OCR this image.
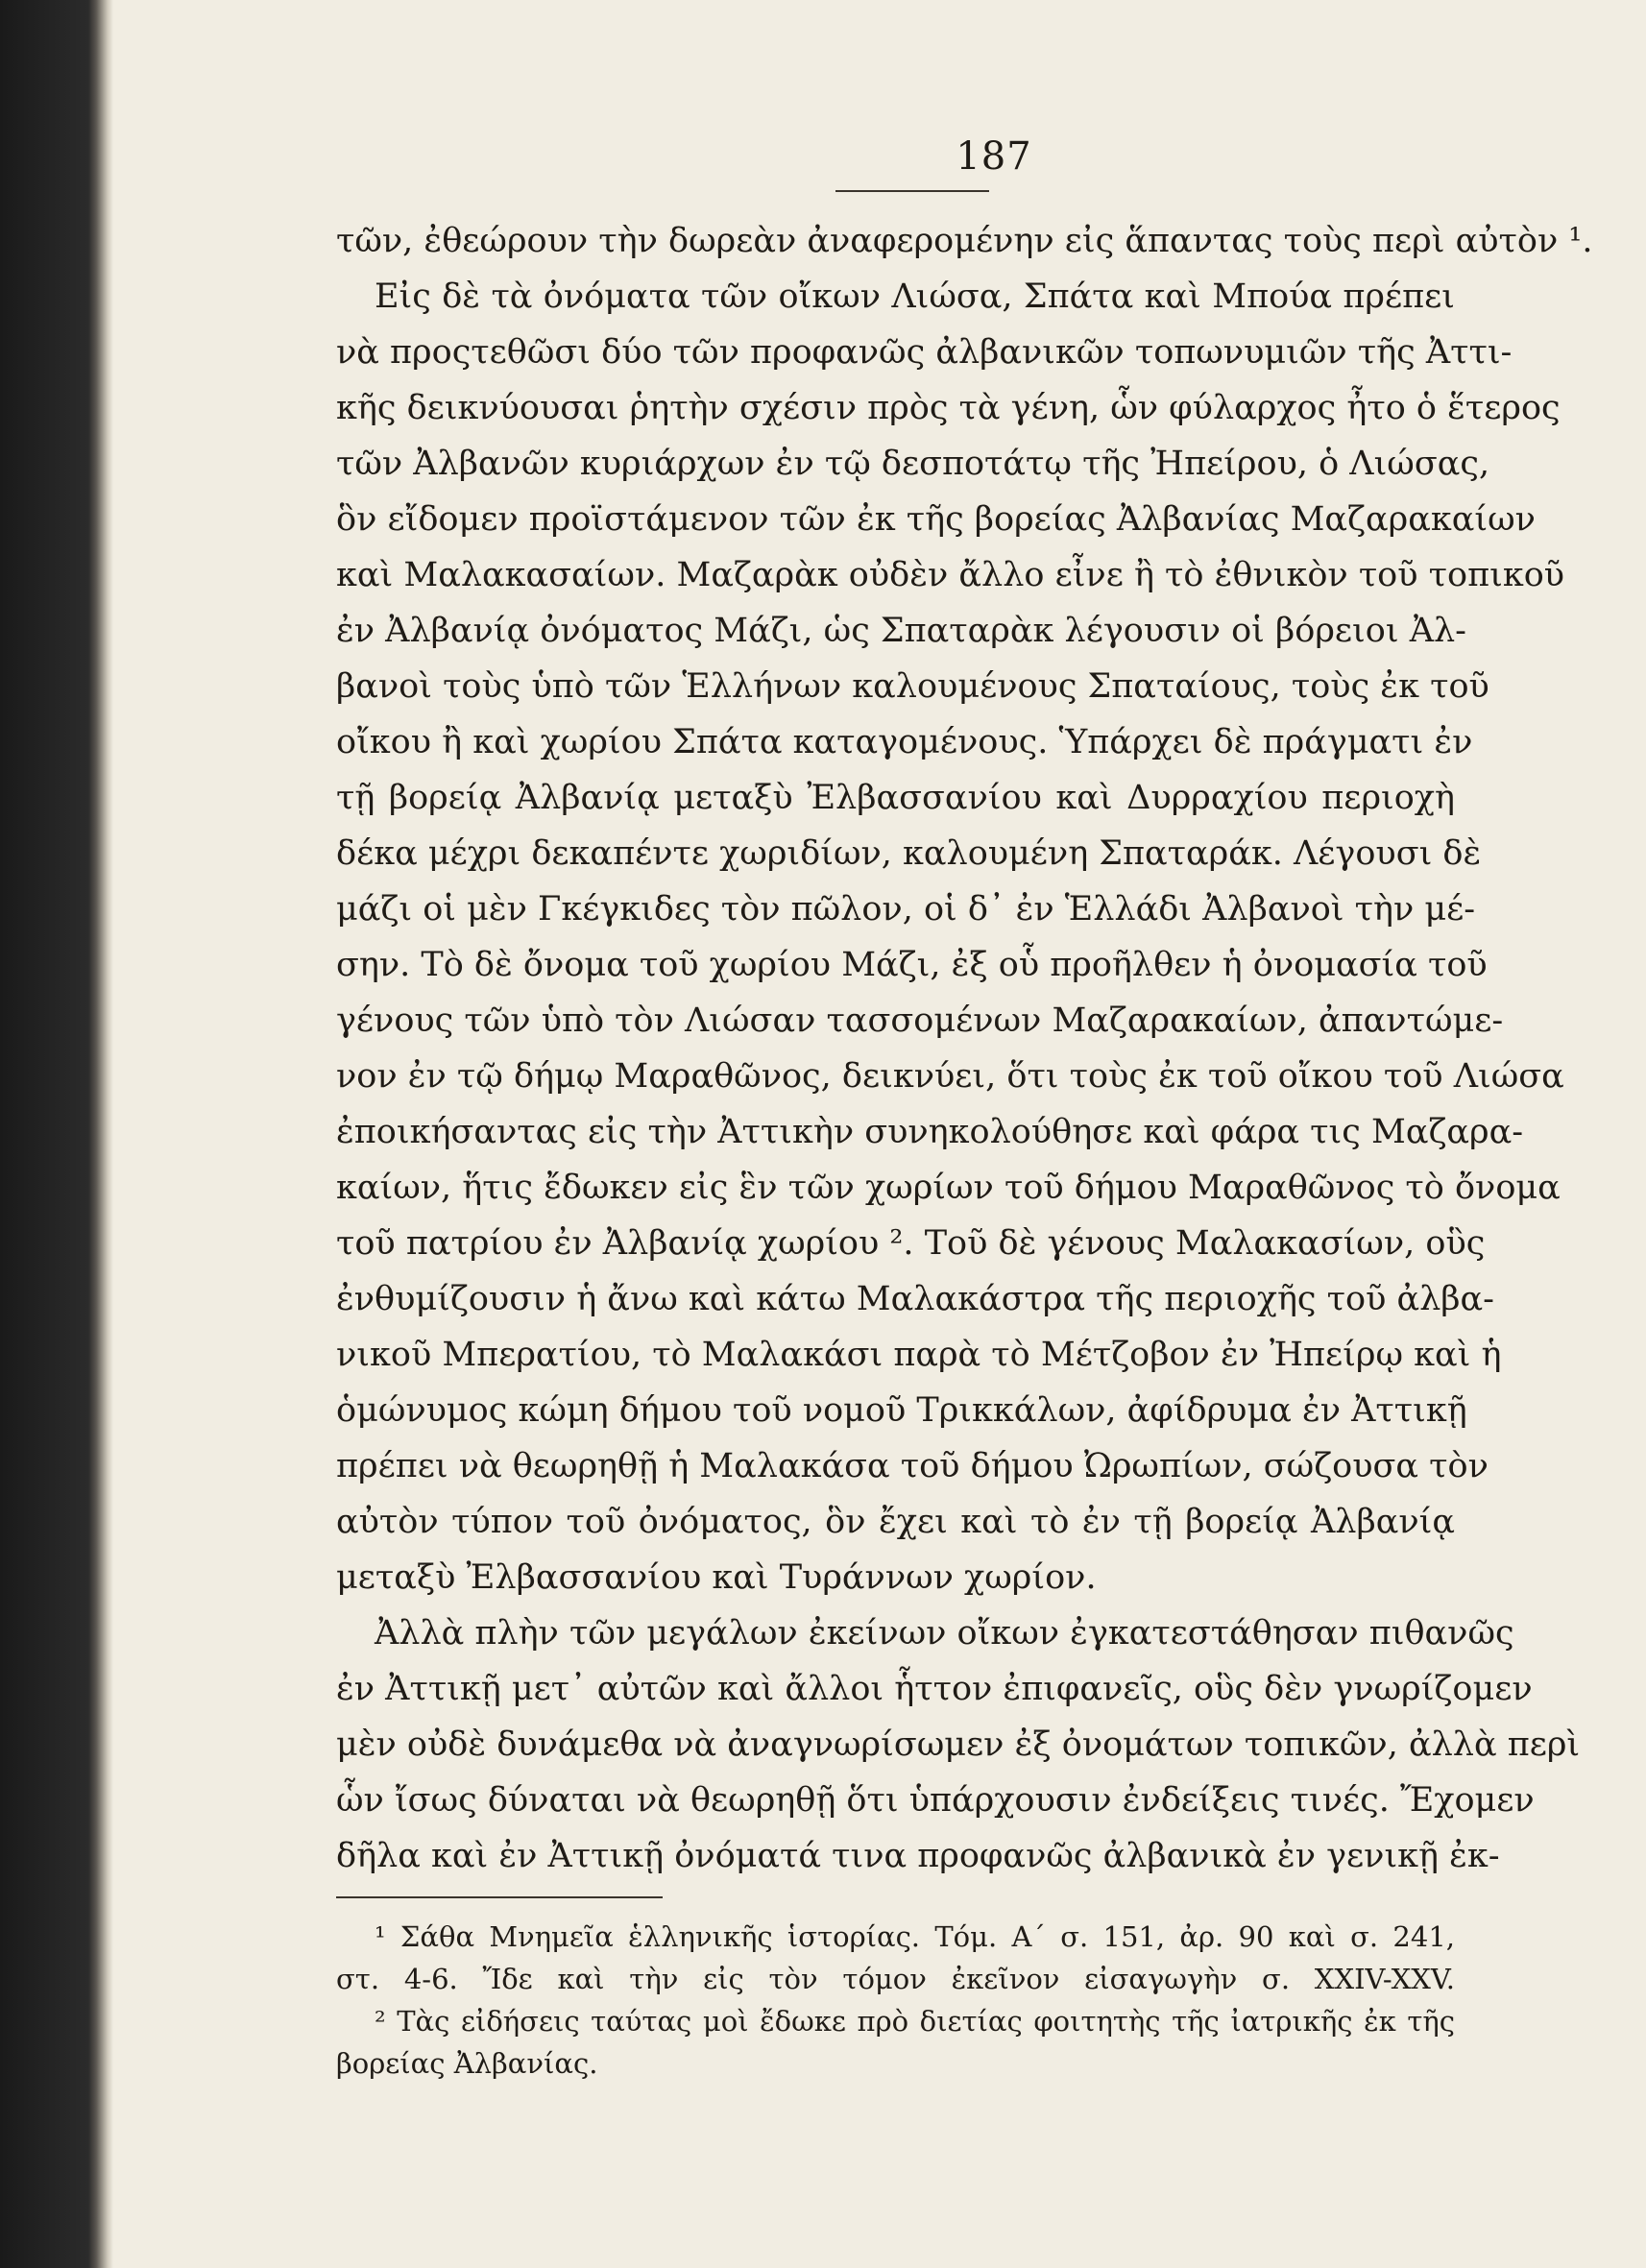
187
τῶν, ἐθεώρουν τὴν δωρεὰν ἀναφερομένην εἰς ἅπαντας τοὺς περὶ αὐτὸν ¹.
Εἰς δὲ τὰ ὀνόματα τῶν οἴκων Λιώσα, Σπάτα καὶ Μπούα πρέπει
νὰ προςτεθῶσι δύο τῶν προφανῶς ἀλβανικῶν τοπωνυμιῶν τῆς Ἀττι-
κῆς δεικνύουσαι ῥητὴν σχέσιν πρὸς τὰ γένη, ὧν φύλαρχος ἦτο ὁ ἕτερος
τῶν Ἀλβανῶν κυριάρχων ἐν τῷ δεσποτάτῳ τῆς Ἠπείρου, ὁ Λιώσας,
ὃν εἴδομεν προϊστάμενον τῶν ἐκ τῆς βορείας Ἀλβανίας Μαζαρακαίων
καὶ Μαλακασαίων. Μαζαρὰκ οὐδὲν ἄλλο εἶνε ἢ τὸ ἐθνικὸν τοῦ τοπικοῦ
ἐν Ἀλβανίᾳ ὀνόματος Μάζι, ὡς Σπαταρὰκ λέγουσιν οἱ βόρειοι Ἀλ-
βανοὶ τοὺς ὑπὸ τῶν Ἑλλήνων καλουμένους Σπαταίους, τοὺς ἐκ τοῦ
οἴκου ἢ καὶ χωρίου Σπάτα καταγομένους. Ὑπάρχει δὲ πράγματι ἐν
τῇ βορείᾳ Ἀλβανίᾳ μεταξὺ Ἐλβασσανίου καὶ Δυρραχίου περιοχὴ
δέκα μέχρι δεκαπέντε χωριδίων, καλουμένη Σπαταράκ. Λέγουσι δὲ
μάζι οἱ μὲν Γκέγκιδες τὸν πῶλον, οἱ δ᾽ ἐν Ἑλλάδι Ἀλβανοὶ τὴν μέ-
σην. Τὸ δὲ ὄνομα τοῦ χωρίου Μάζι, ἐξ οὗ προῆλθεν ἡ ὀνομασία τοῦ
γένους τῶν ὑπὸ τὸν Λιώσαν τασσομένων Μαζαρακαίων, ἀπαντώμε-
νον ἐν τῷ δήμῳ Μαραθῶνος, δεικνύει, ὅτι τοὺς ἐκ τοῦ οἴκου τοῦ Λιώσα
ἐποικήσαντας εἰς τὴν Ἀττικὴν συνηκολούθησε καὶ φάρα τις Μαζαρα-
καίων, ἥτις ἔδωκεν εἰς ἓν τῶν χωρίων τοῦ δήμου Μαραθῶνος τὸ ὄνομα
τοῦ πατρίου ἐν Ἀλβανίᾳ χωρίου ². Τοῦ δὲ γένους Μαλακασίων, οὓς
ἐνθυμίζουσιν ἡ ἄνω καὶ κάτω Μαλακάστρα τῆς περιοχῆς τοῦ ἀλβα-
νικοῦ Μπερατίου, τὸ Μαλακάσι παρὰ τὸ Μέτζοβον ἐν Ἠπείρῳ καὶ ἡ
ὁμώνυμος κώμη δήμου τοῦ νομοῦ Τρικκάλων, ἀφίδρυμα ἐν Ἀττικῇ
πρέπει νὰ θεωρηθῇ ἡ Μαλακάσα τοῦ δήμου Ὠρωπίων, σώζουσα τὸν
αὐτὸν τύπον τοῦ ὀνόματος, ὃν ἔχει καὶ τὸ ἐν τῇ βορείᾳ Ἀλβανίᾳ
μεταξὺ Ἐλβασσανίου καὶ Τυράννων χωρίον.
Ἀλλὰ πλὴν τῶν μεγάλων ἐκείνων οἴκων ἐγκατεστάθησαν πιθανῶς
ἐν Ἀττικῇ μετ᾽ αὐτῶν καὶ ἄλλοι ἧττον ἐπιφανεῖς, οὓς δὲν γνωρίζομεν
μὲν οὐδὲ δυνάμεθα νὰ ἀναγνωρίσωμεν ἐξ ὀνομάτων τοπικῶν, ἀλλὰ περὶ
ὧν ἴσως δύναται νὰ θεωρηθῇ ὅτι ὑπάρχουσιν ἐνδείξεις τινές. Ἔχομεν
δῆλα καὶ ἐν Ἀττικῇ ὀνόματά τινα προφανῶς ἀλβανικὰ ἐν γενικῇ ἐκ-
¹ Σάθα Μνημεῖα ἑλληνικῆς ἱστορίας. Τόμ. Α΄ σ. 151, ἀρ. 90 καὶ σ. 241,
στ. 4-6. Ἴδε καὶ τὴν εἰς τὸν τόμον ἐκεῖνον εἰσαγωγὴν σ. XXIV-XXV.
² Τὰς εἰδήσεις ταύτας μοὶ ἔδωκε πρὸ διετίας φοιτητὴς τῆς ἰατρικῆς ἐκ τῆς
βορείας Ἀλβανίας.
